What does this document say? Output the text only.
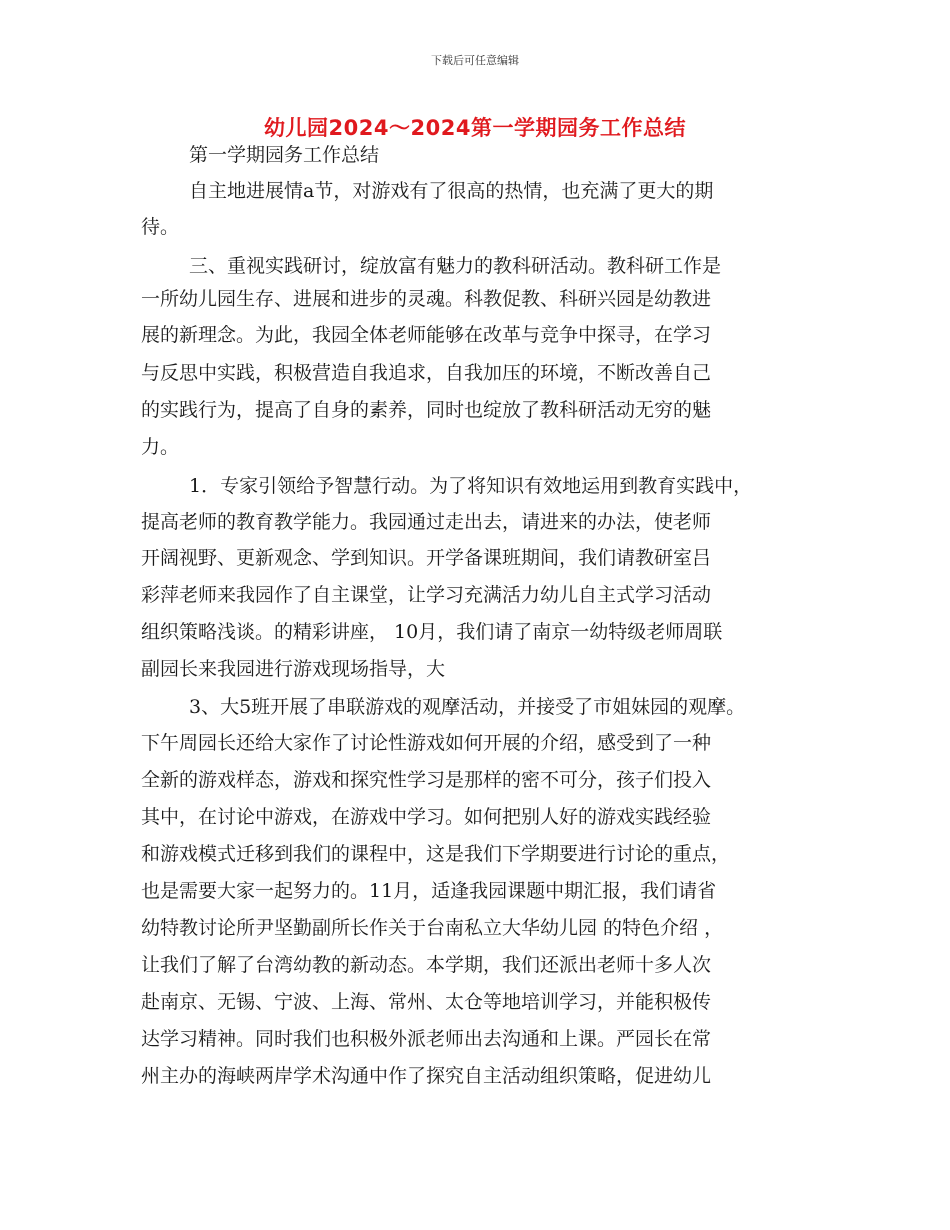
下载后可任意编辑
幼儿园2024～2024第一学期园务工作总结
第一学期园务工作总结
自主地进展情a节，对游戏有了很高的热情，也充满了更大的期
待。
三、重视实践研讨，绽放富有魅力的教科研活动。教科研工作是
一所幼儿园生存、进展和进步的灵魂。科教促教、科研兴园是幼教进
展的新理念。为此，我园全体老师能够在改革与竞争中探寻，在学习
与反思中实践，积极营造自我追求，自我加压的环境，不断改善自己
的实践行为，提高了自身的素养，同时也绽放了教科研活动无穷的魅
力。
1．专家引领给予智慧行动。为了将知识有效地运用到教育实践中，
提高老师的教育教学能力。我园通过走出去，请进来的办法，使老师
开阔视野、更新观念、学到知识。开学备课班期间，我们请教研室吕
彩萍老师来我园作了自主课堂，让学习充满活力幼儿自主式学习活动
组织策略浅谈。的精彩讲座， 10月，我们请了南京一幼特级老师周联
副园长来我园进行游戏现场指导，大
3、大5班开展了串联游戏的观摩活动，并接受了市姐妹园的观摩。
下午周园长还给大家作了讨论性游戏如何开展的介绍，感受到了一种
全新的游戏样态，游戏和探究性学习是那样的密不可分，孩子们投入
其中，在讨论中游戏，在游戏中学习。如何把别人好的游戏实践经验
和游戏模式迁移到我们的课程中，这是我们下学期要进行讨论的重点，
也是需要大家一起努力的。11月，适逢我园课题中期汇报，我们请省
幼特教讨论所尹坚勤副所长作关于台南私立大华幼儿园 的特色介绍 ，
让我们了解了台湾幼教的新动态。本学期，我们还派出老师十多人次
赴南京、无锡、宁波、上海、常州、太仓等地培训学习，并能积极传
达学习精神。同时我们也积极外派老师出去沟通和上课。严园长在常
州主办的海峡两岸学术沟通中作了探究自主活动组织策略，促进幼儿
